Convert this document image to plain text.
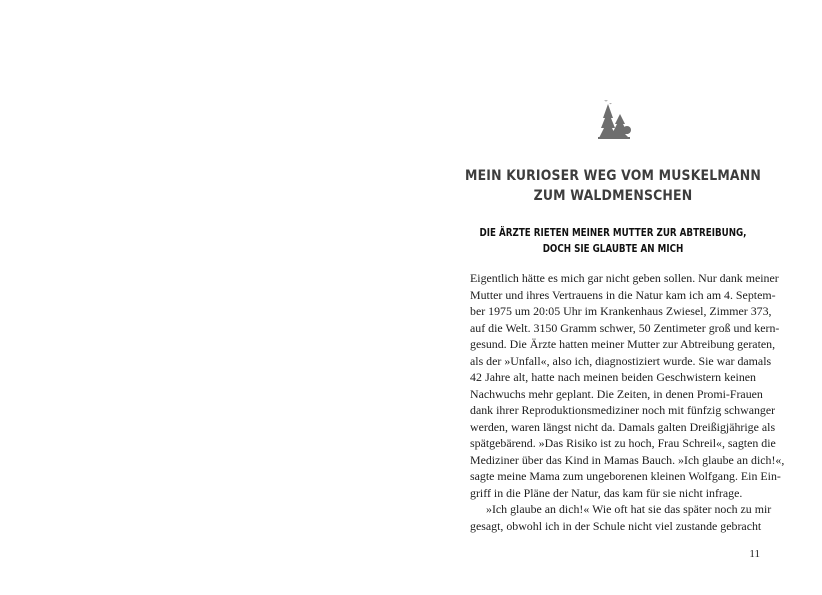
MEIN KURIOSER WEG VOM MUSKELMANN
ZUM WALDMENSCHEN
DIE ÄRZTE RIETEN MEINER MUTTER ZUR ABTREIBUNG,
DOCH SIE GLAUBTE AN MICH
Eigentlich hätte es mich gar nicht geben sollen. Nur dank meiner
Mutter und ihres Vertrauens in die Natur kam ich am 4. Septem-
ber 1975 um 20:05 Uhr im Krankenhaus Zwiesel, Zimmer 373,
auf die Welt. 3150 Gramm schwer, 50 Zentimeter groß und kern-
gesund. Die Ärzte hatten meiner Mutter zur Abtreibung geraten,
als der »Unfall«, also ich, diagnostiziert wurde. Sie war damals
42 Jahre alt, hatte nach meinen beiden Geschwistern keinen
Nachwuchs mehr geplant. Die Zeiten, in denen Promi-Frauen
dank ihrer Reproduktionsmediziner noch mit fünfzig schwanger
werden, waren längst nicht da. Damals galten Dreißigjährige als
spätgebärend. »Das Risiko ist zu hoch, Frau Schreil«, sagten die
Mediziner über das Kind in Mamas Bauch. »Ich glaube an dich!«,
sagte meine Mama zum ungeborenen kleinen Wolfgang. Ein Ein-
griff in die Pläne der Natur, das kam für sie nicht infrage.
»Ich glaube an dich!« Wie oft hat sie das später noch zu mir
gesagt, obwohl ich in der Schule nicht viel zustande gebracht
11
